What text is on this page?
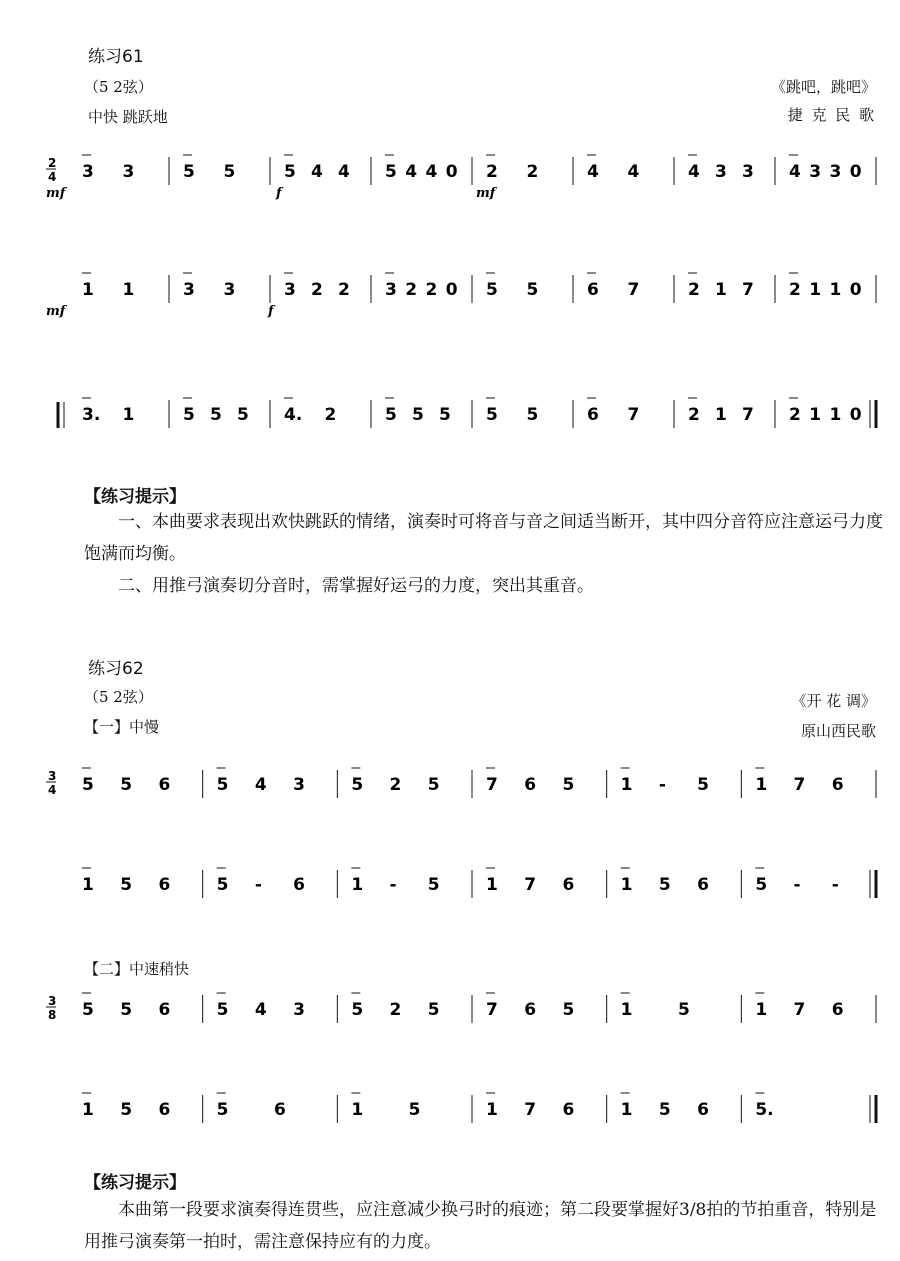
练习61
（5 2弦）
中快 跳跃地
《跳吧，跳吧》
捷 克 民 歌
2
4 3 3	5 5	5 4 4 5 4 4 0 2 2	4 4	4 3 3 4 3 3 0
1 1	3 3	3 2 2 3 2 2 0 5 5	6 7	2 1 7 2 1 1 0
3. 1	5 5 5 4. 2	5 5 5 5 5	6 7	2 1 7 2 1 1 0
mf	f	mf
mf	f
【练习提示】
一、本曲要求表现出欢快跳跃的情绪，演奏时可将音与音之间适当断开，其中四分音符应注意运弓力度饱满而均衡。
二、用推弓演奏切分音时，需掌握好运弓的力度，突出其重音。
练习62
（5 2弦）
【一】中慢
《开 花 调》
原山西民歌
3
4 5 5 6	5 4 3	5 2 5	7 6 5	1 - 5	1 7 6
1 5 6	5 - 6	1 - 5	1 7 6	1 5 6	5 - -
【二】中速稍快
3
8 5 5 6	5 4 3	5 2 5	7 6 5	1	5	1 7 6
1 5 6	5	6	1	5	1 7 6	1 5 6	5.
【练习提示】
本曲第一段要求演奏得连贯些，应注意减少换弓时的痕迹；第二段要掌握好3/8拍的节拍重音，特别是用推弓演奏第一拍时，需注意保持应有的力度。
